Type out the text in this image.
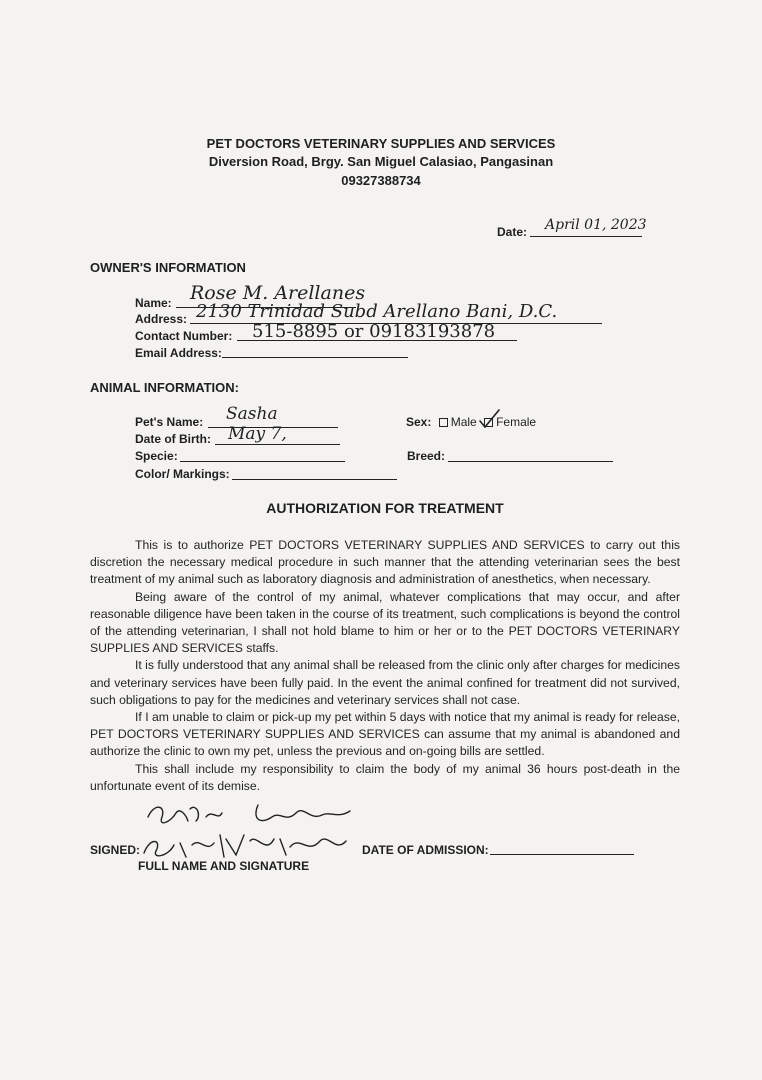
PET DOCTORS VETERINARY SUPPLIES AND SERVICES
Diversion Road, Brgy. San Miguel Calasiao, Pangasinan
09327388734
Date: April 01, 2023
OWNER'S INFORMATION
Name: Rose M. Arellanes
Address: 2130 Trinidad Subd Arellano Bani, D.C.
Contact Number: 515-8895 or 09183193878
Email Address:
ANIMAL INFORMATION:
Pet's Name: Sasha
Date of Birth: May 7,
Specie:
Color/ Markings:
Sex: Male Female
Breed:
AUTHORIZATION FOR TREATMENT

This is to authorize PET DOCTORS VETERINARY SUPPLIES AND SERVICES to carry out this discretion the necessary medical procedure in such manner that the attending veterinarian sees the best treatment of my animal such as laboratory diagnosis and administration of anesthetics, when necessary.

Being aware of the control of my animal, whatever complications that may occur, and after reasonable diligence have been taken in the course of its treatment, such complications is beyond the control of the attending veterinarian, I shall not hold blame to him or her or to the PET DOCTORS VETERINARY SUPPLIES AND SERVICES staffs.

It is fully understood that any animal shall be released from the clinic only after charges for medicines and veterinary services have been fully paid. In the event the animal confined for treatment did not survived, such obligations to pay for the medicines and veterinary services shall not case.

If I am unable to claim or pick-up my pet within 5 days with notice that my animal is ready for release, PET DOCTORS VETERINARY SUPPLIES AND SERVICES can assume that my animal is abandoned and authorize the clinic to own my pet, unless the previous and on-going bills are settled.

This shall include my responsibility to claim the body of my animal 36 hours post-death in the unfortunate event of its demise.

SIGNED:
FULL NAME AND SIGNATURE
DATE OF ADMISSION:
